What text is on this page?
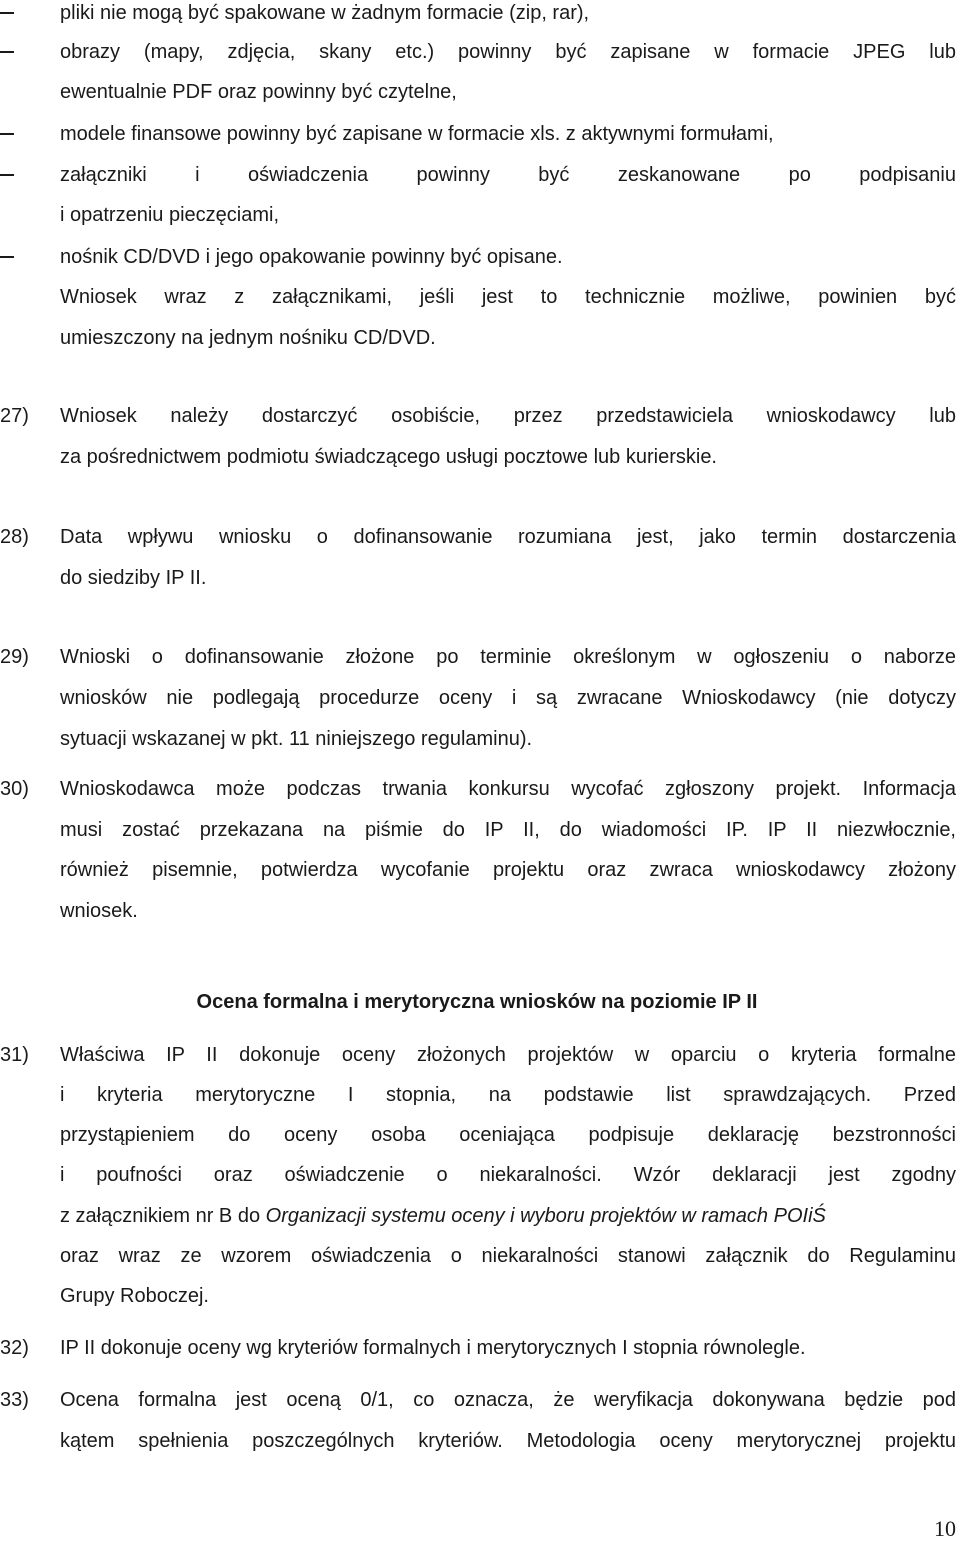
pliki nie mogą być spakowane w żadnym formacie (zip, rar),
obrazy (mapy, zdjęcia, skany etc.) powinny być zapisane w formacie JPEG lub
ewentualnie PDF oraz powinny być czytelne,
modele finansowe powinny być zapisane w formacie xls. z aktywnymi formułami,
załączniki i oświadczenia powinny być zeskanowane po podpisaniu
i opatrzeniu pieczęciami,
nośnik CD/DVD i jego opakowanie powinny być opisane.
Wniosek wraz z załącznikami, jeśli jest to technicznie możliwe, powinien być
umieszczony na jednym nośniku CD/DVD.
27) Wniosek należy dostarczyć osobiście, przez przedstawiciela wnioskodawcy lub
za pośrednictwem podmiotu świadczącego usługi pocztowe lub kurierskie.
28) Data wpływu wniosku o dofinansowanie rozumiana jest, jako termin dostarczenia
do siedziby IP II.
29) Wnioski o dofinansowanie złożone po terminie określonym w ogłoszeniu o naborze
wniosków nie podlegają procedurze oceny i są zwracane Wnioskodawcy (nie dotyczy
sytuacji wskazanej w pkt. 11 niniejszego regulaminu).
30) Wnioskodawca może podczas trwania konkursu wycofać zgłoszony projekt. Informacja
musi zostać przekazana na piśmie do IP II, do wiadomości IP. IP II niezwłocznie,
również pisemnie, potwierdza wycofanie projektu oraz zwraca wnioskodawcy złożony
wniosek.
Ocena formalna i merytoryczna wniosków na poziomie IP II
31) Właściwa IP II dokonuje oceny złożonych projektów w oparciu o kryteria formalne
i kryteria merytoryczne I stopnia, na podstawie list sprawdzających. Przed
przystąpieniem do oceny osoba oceniająca podpisuje deklarację bezstronności
i poufności oraz oświadczenie o niekaralności. Wzór deklaracji jest zgodny
z załącznikiem nr B do Organizacji systemu oceny i wyboru projektów w ramach POIiŚ
oraz wraz ze wzorem oświadczenia o niekaralności stanowi załącznik do Regulaminu
Grupy Roboczej.
32) IP II dokonuje oceny wg kryteriów formalnych i merytorycznych I stopnia równolegle.
33) Ocena formalna jest oceną 0/1, co oznacza, że weryfikacja dokonywana będzie pod
kątem spełnienia poszczególnych kryteriów. Metodologia oceny merytorycznej projektu
10
